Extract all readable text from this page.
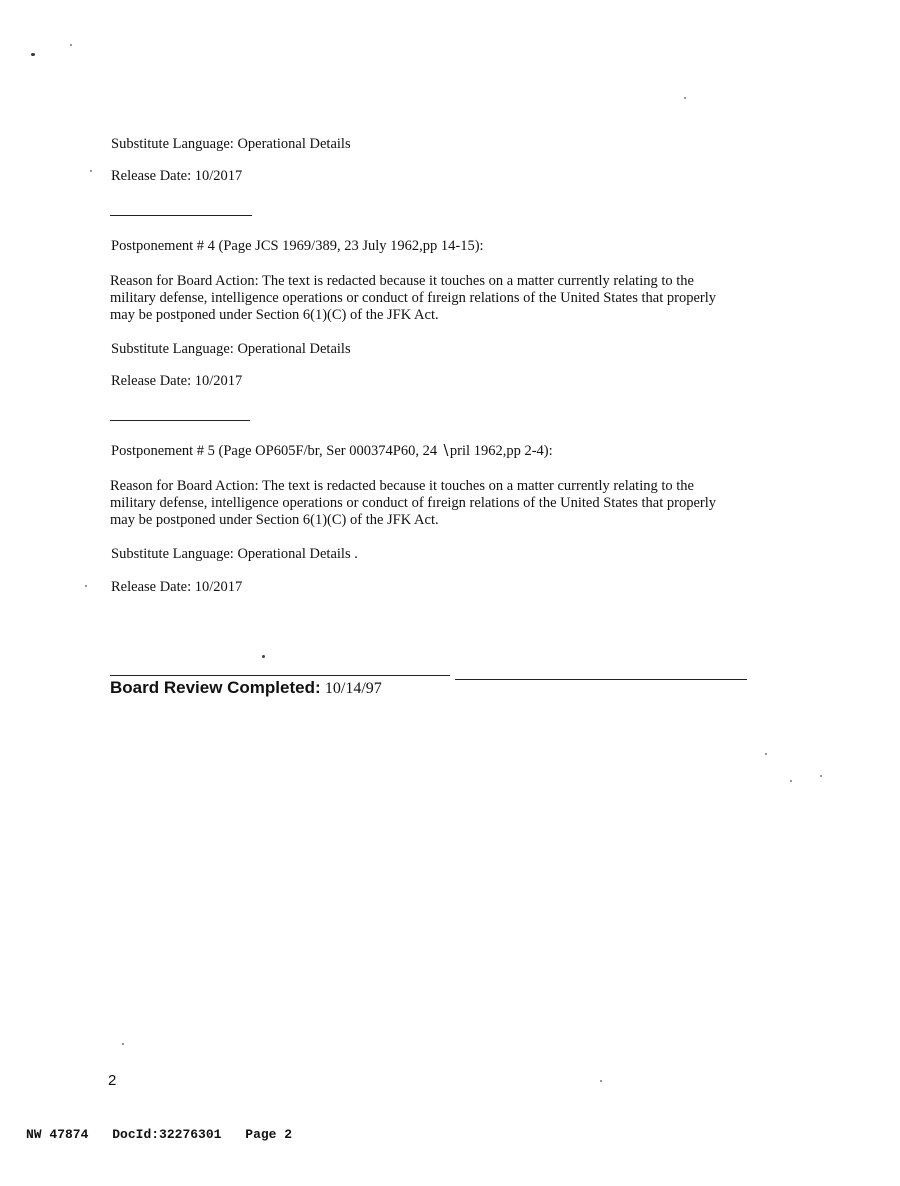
Substitute Language: Operational Details
Release Date: 10/2017
Postponement # 4 (Page JCS 1969/389, 23 July 1962,pp 14-15):
Reason for Board Action: The text is redacted because it touches on a matter currently relating to the
military defense, intelligence operations or conduct of fıreign relations of the United States that properly
may be postponed under Section 6(1)(C) of the JFK Act.
Substitute Language: Operational Details
Release Date: 10/2017
Postponement # 5 (Page OP605F/br, Ser 000374P60, 24 ∖pril 1962,pp 2-4):
Reason for Board Action: The text is redacted because it touches on a matter currently relating to the
military defense, intelligence operations or conduct of fıreign relations of the United States that properly
may be postponed under Section 6(1)(C) of the JFK Act.
Substitute Language: Operational Details .
Release Date: 10/2017
Board Review Completed: 10/14/97
2
NW 47874 DocId:32276301 Page 2
